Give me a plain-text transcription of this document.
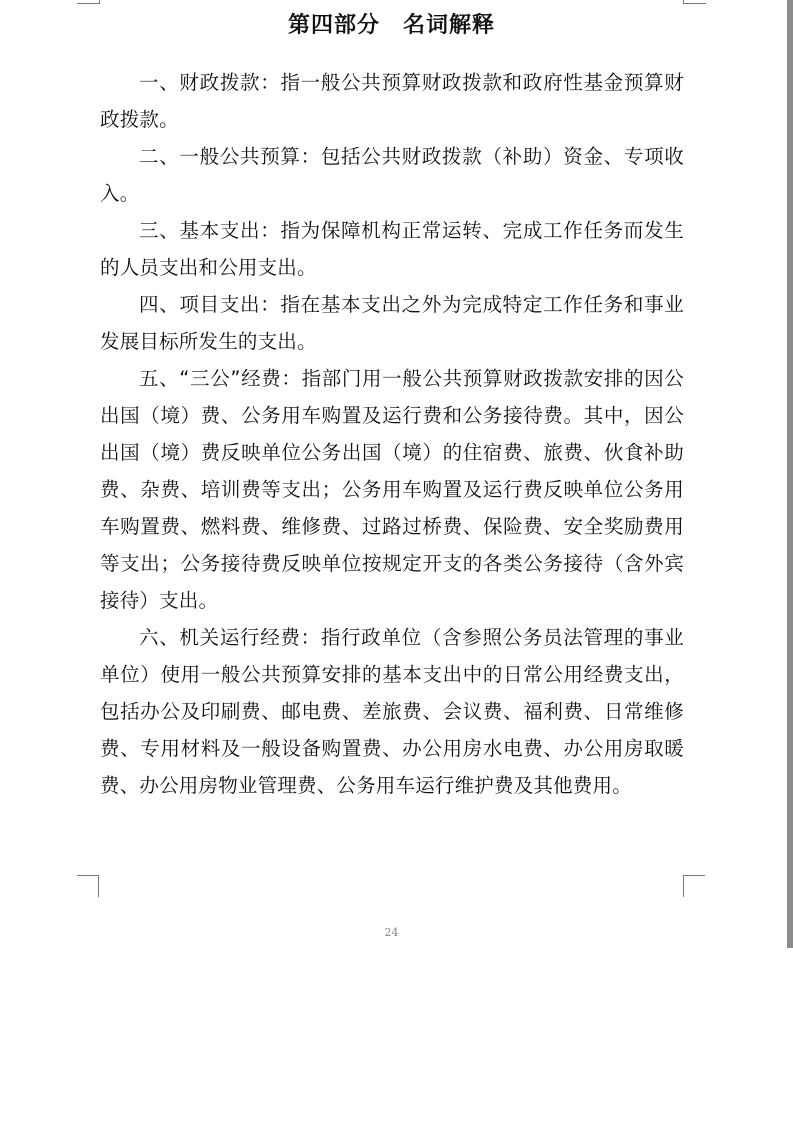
第四部分　名词解释

一、财政拨款：指一般公共预算财政拨款和政府性基金预算财政拨款。

二、一般公共预算：包括公共财政拨款（补助）资金、专项收入。

三、基本支出：指为保障机构正常运转、完成工作任务而发生的人员支出和公用支出。

四、项目支出：指在基本支出之外为完成特定工作任务和事业发展目标所发生的支出。

五、“三公”经费：指部门用一般公共预算财政拨款安排的因公出国（境）费、公务用车购置及运行费和公务接待费。其中，因公出国（境）费反映单位公务出国（境）的住宿费、旅费、伙食补助费、杂费、培训费等支出；公务用车购置及运行费反映单位公务用车购置费、燃料费、维修费、过路过桥费、保险费、安全奖励费用等支出；公务接待费反映单位按规定开支的各类公务接待（含外宾接待）支出。

六、机关运行经费：指行政单位（含参照公务员法管理的事业单位）使用一般公共预算安排的基本支出中的日常公用经费支出，包括办公及印刷费、邮电费、差旅费、会议费、福利费、日常维修费、专用材料及一般设备购置费、办公用房水电费、办公用房取暖费、办公用房物业管理费、公务用车运行维护费及其他费用。

24
